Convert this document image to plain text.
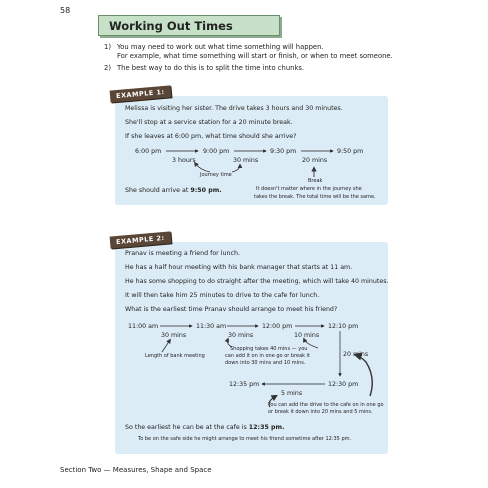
58
Working Out Times
1) You may need to work out what time something will happen.
For example, what time something will start or finish, or when to meet someone.
2) The best way to do this is to split the time into chunks.
EXAMPLE 1:
Melissa is visiting her sister. The drive takes 3 hours and 30 minutes.
She'll stop at a service station for a 20 minute break.
If she leaves at 6:00 pm, what time should she arrive?
6:00 pm	9:00 pm	9:30 pm	9:50 pm
3 hours	30 mins	20 mins
Journey time
Break
She should arrive at 9:50 pm.	It doesn't matter where in the journey she
takes the break. The total time will be the same.
EXAMPLE 2:
Pranav is meeting a friend for lunch.
He has a half hour meeting with his bank manager that starts at 11 am.
He has some shopping to do straight after the meeting, which will take 40 minutes.
It will then take him 25 minutes to drive to the cafe for lunch.
What is the earliest time Pranav should arrange to meet his friend?
11:00 am	11:30 am	12:00 pm	12:10 pm
30 mins	30 mins	10 mins
Length of bank meeting
Shopping takes 40 mins — you
can add it on in one go or break it
down into 30 mins and 10 mins.
20 mins
12:35 pm	12:30 pm
5 mins
You can add the drive to the cafe on in one go
or break it down into 20 mins and 5 mins.
So the earliest he can be at the cafe is 12:35 pm.
To be on the safe side he might arrange to meet his friend sometime after 12:35 pm.
Section Two — Measures, Shape and Space
